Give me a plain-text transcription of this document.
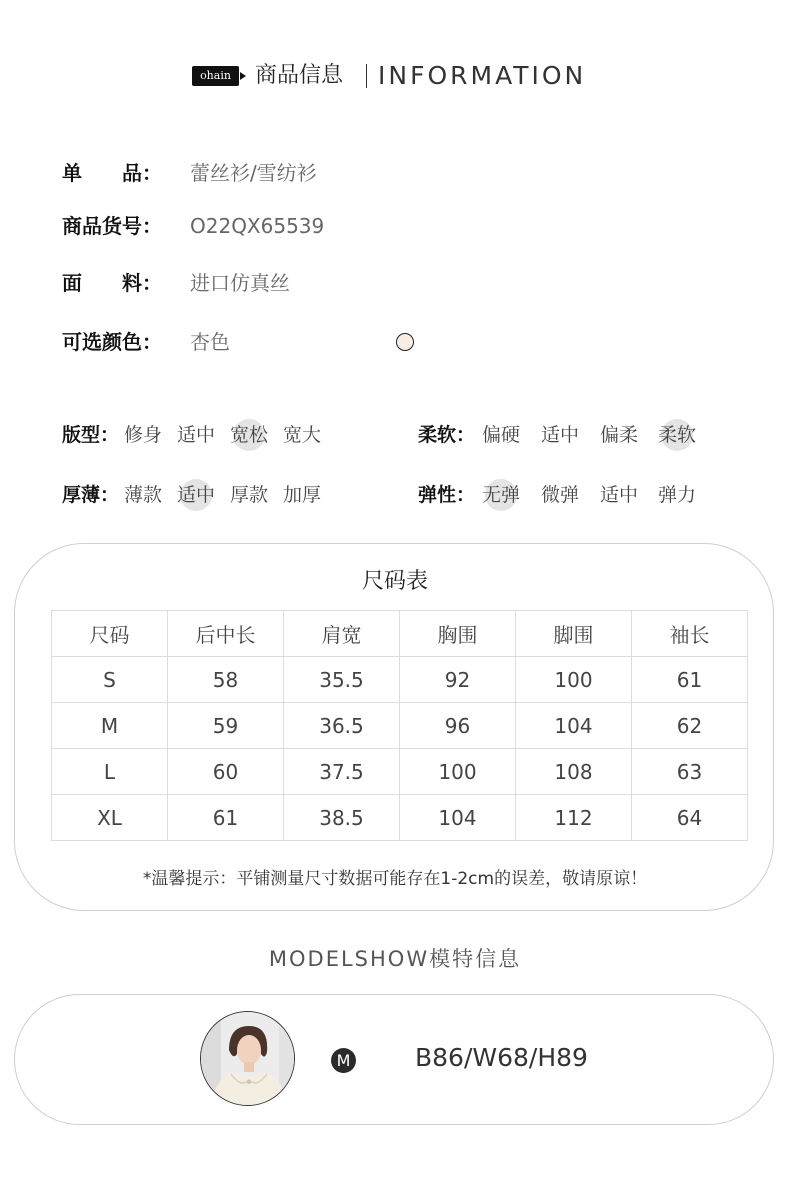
ohain	商品信息 INFORMATION
单　　品： 蕾丝衫/雪纺衫
商品货号： O22QX65539
面　　料： 进口仿真丝
可选颜色： 杏色
版型： 修身 适中 宽松 宽大	柔软： 偏硬 适中 偏柔 柔软
厚薄： 薄款 适中 厚款 加厚	弹性： 无弹 微弹 适中 弹力
尺码表
尺码	后中长	肩宽	胸围	脚围	袖长
S	58	35.5	92	100	61
M	59	36.5	96	104	62
L	60	37.5	100	108	63
XL	61	38.5	104	112	64
*温馨提示：平铺测量尺寸数据可能存在1-2cm的误差，敬请原谅！
MODELSHOW模特信息
M	B86/W68/H89
